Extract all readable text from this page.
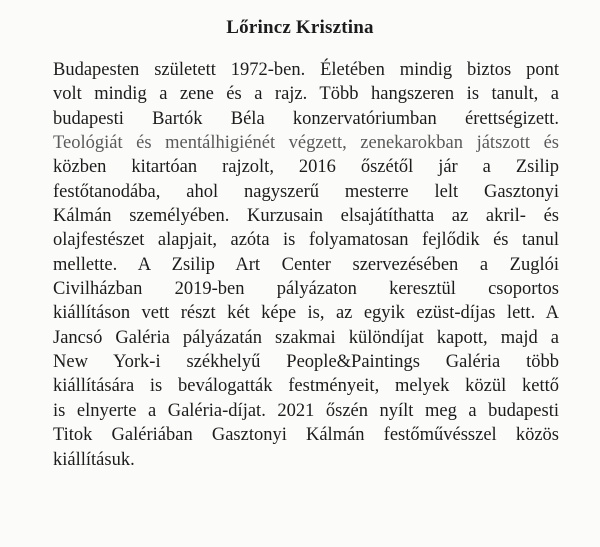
Lőrincz Krisztina
Budapesten született 1972-ben. Életében mindig biztos pont
volt mindig a zene és a rajz. Több hangszeren is tanult, a
budapesti Bartók Béla konzervatóriumban érettségizett.
Teológiát és mentálhigiénét végzett, zenekarokban játszott és
közben kitartóan rajzolt, 2016 őszétől jár a Zsilip
festőtanodába, ahol nagyszerű mesterre lelt Gasztonyi
Kálmán személyében. Kurzusain elsajátíthatta az akril- és
olajfestészet alapjait, azóta is folyamatosan fejlődik és tanul
mellette. A Zsilip Art Center szervezésében a Zuglói
Civilházban 2019-ben pályázaton keresztül csoportos
kiállításon vett részt két képe is, az egyik ezüst-díjas lett. A
Jancsó Galéria pályázatán szakmai különdíjat kapott, majd a
New York-i székhelyű People&Paintings Galéria több
kiállítására is beválogatták festményeit, melyek közül kettő
is elnyerte a Galéria-díjat. 2021 őszén nyílt meg a budapesti
Titok Galériában Gasztonyi Kálmán festőművésszel közös
kiállításuk.
